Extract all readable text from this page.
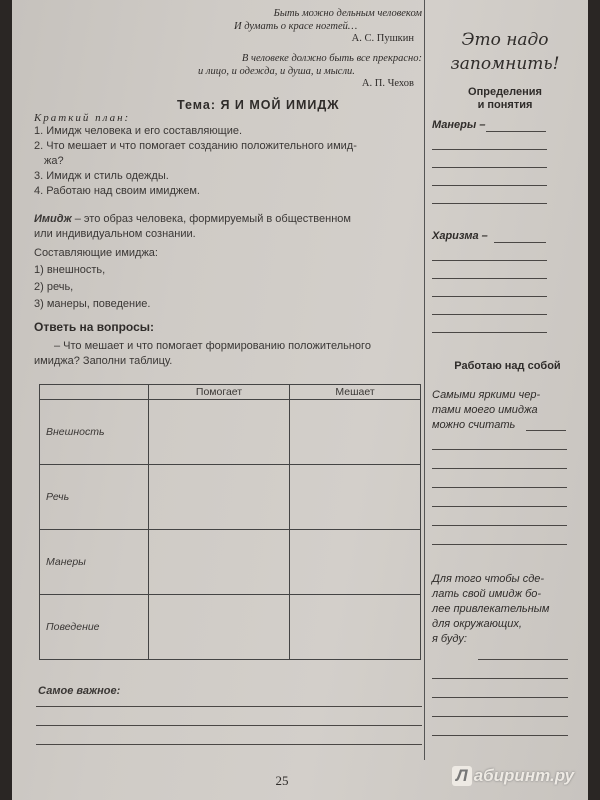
Быть можно дельным человеком
И думать о красе ногтей…
А. С. Пушкин
В человеке должно быть все прекрасно:
и лицо, и одежда, и душа, и мысли.
А. П. Чехов
Тема: Я И МОЙ ИМИДЖ
Краткий план:
1. Имидж человека и его составляющие.
2. Что мешает и что помогает созданию положительного имид-
жа?
3. Имидж и стиль одежды.
4. Работаю над своим имиджем.
Имидж – это образ человека, формируемый в общественном
или индивидуальном сознании.
Составляющие имиджа:
1) внешность,
2) речь,
3) манеры, поведение.
Ответь на вопросы:
– Что мешает и что помогает формированию положительного
имиджа? Заполни таблицу.
	Помогает	Мешает
Внешность		
Речь		
Манеры		
Поведение		
Самое важное:
25
Это надо
запомнить!
Определения
и понятия
Манеры –
Харизма –
Работаю над собой
Самыми яркими чер-
тами моего имиджа
можно считать
Для того чтобы сде-
лать свой имидж бо-
лее привлекательным
для окружающих,
я буду:
Л абиринт.ру
